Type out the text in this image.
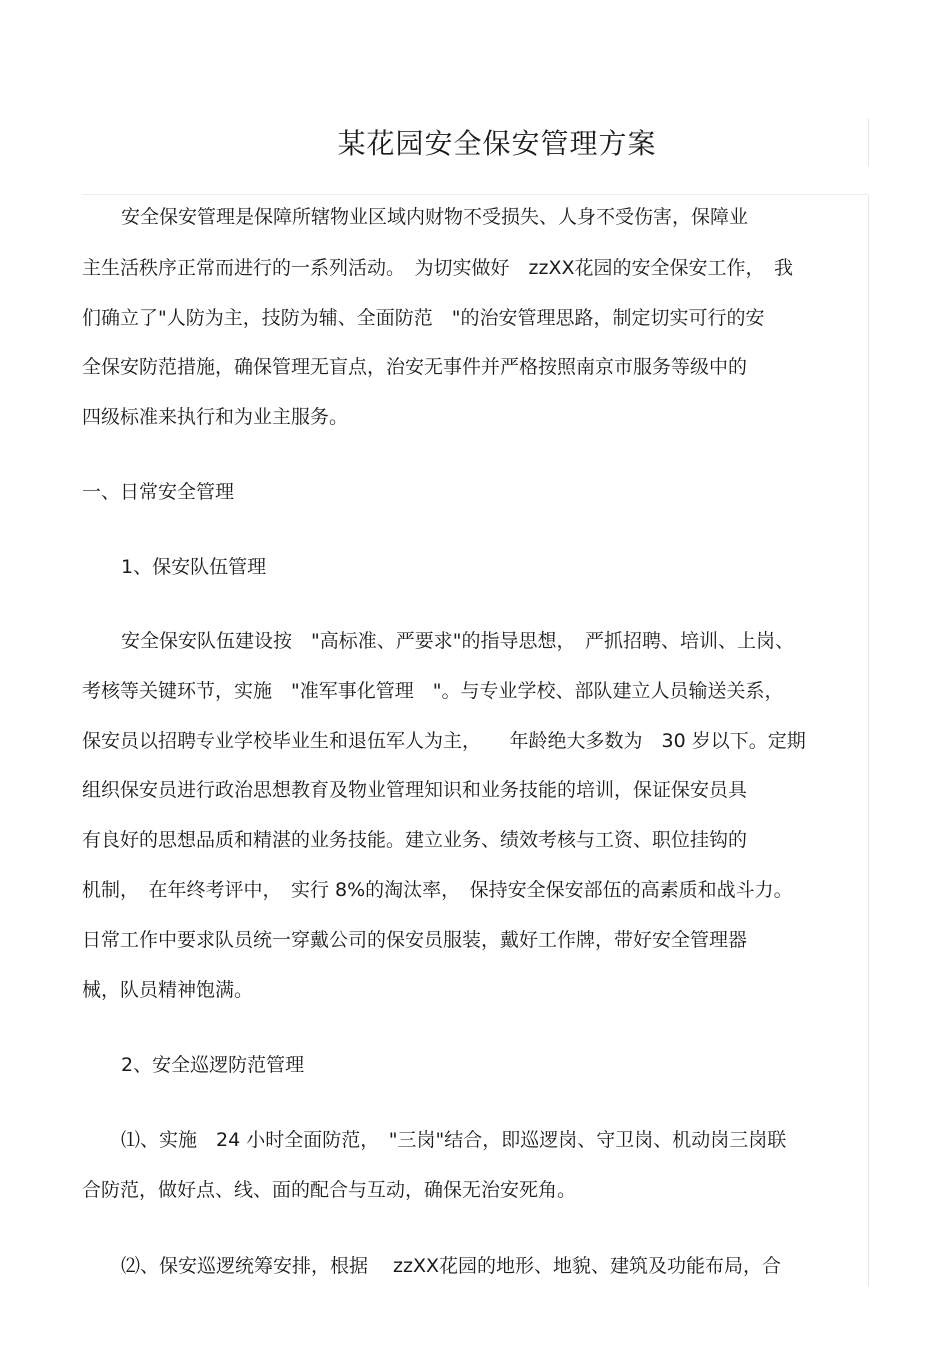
某花园安全保安管理方案
安全保安管理是保障所辖物业区域内财物不受损失、人身不受伤害，保障业
主生活秩序正常而进行的一系列活动。　为切实做好　zzXX花园的安全保安工作，　我
们确立了"人防为主，技防为辅、全面防范　"的治安管理思路，制定切实可行的安
全保安防范措施，确保管理无盲点，治安无事件并严格按照南京市服务等级中的
四级标准来执行和为业主服务。
一、日常安全管理
1、保安队伍管理
安全保安队伍建设按　"高标准、严要求"的指导思想，　严抓招聘、培训、上岗、
考核等关键环节，实施　"准军事化管理　"。与专业学校、部队建立人员输送关系，
保安员以招聘专业学校毕业生和退伍军人为主，　　年龄绝大多数为　30 岁以下。定期
组织保安员进行政治思想教育及物业管理知识和业务技能的培训，保证保安员具
有良好的思想品质和精湛的业务技能。建立业务、绩效考核与工资、职位挂钩的
机制，　在年终考评中，　实行 8%的淘汰率，　保持安全保安部伍的高素质和战斗力。
日常工作中要求队员统一穿戴公司的保安员服装，戴好工作牌，带好安全管理器
械，队员精神饱满。
2、安全巡逻防范管理
⑴、实施　24 小时全面防范，　"三岗"结合，即巡逻岗、守卫岗、机动岗三岗联
合防范，做好点、线、面的配合与互动，确保无治安死角。
⑵、保安巡逻统筹安排，根据　 zzXX花园的地形、地貌、建筑及功能布局，合
